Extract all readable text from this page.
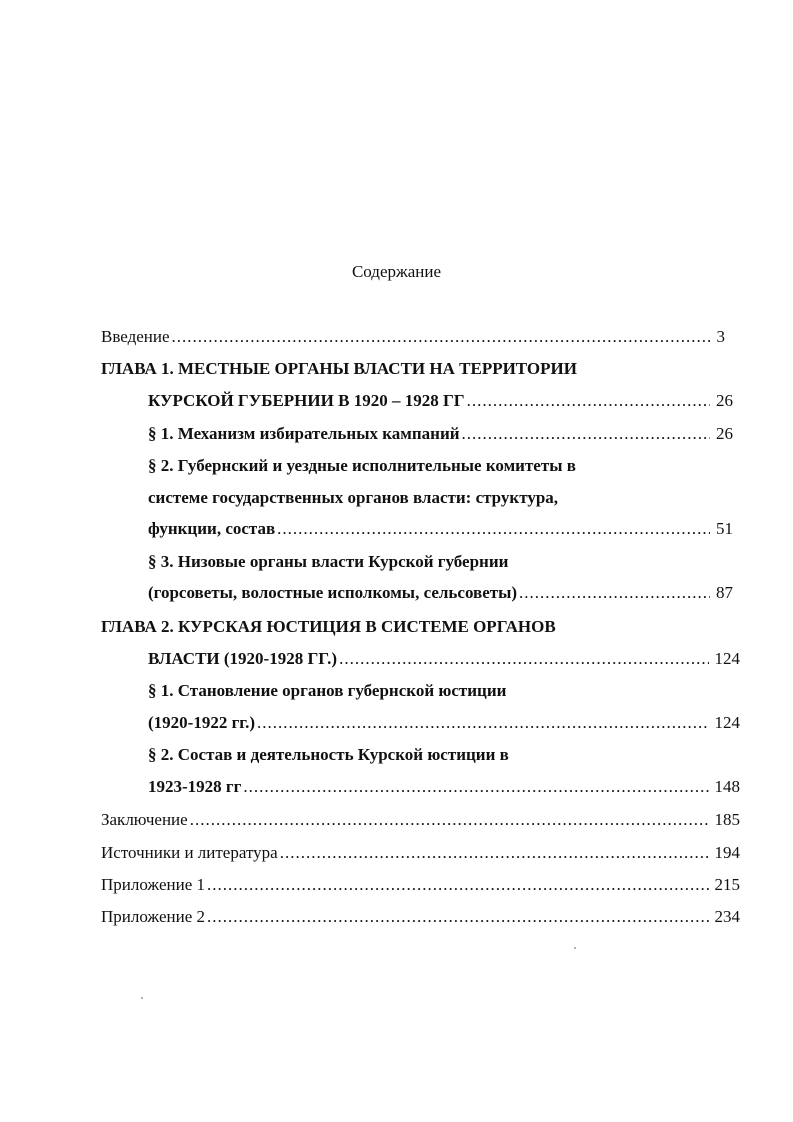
Содержание
Введение .....	3
ГЛАВА 1. МЕСТНЫЕ ОРГАНЫ ВЛАСТИ НА ТЕРРИТОРИИ
КУРСКОЙ ГУБЕРНИИ В 1920 – 1928 ГГ .....	26
§ 1. Механизм избирательных кампаний .....	26
§ 2. Губернский и уездные исполнительные комитеты в
системе государственных органов власти: структура,
функции, состав .....	51
§ 3. Низовые органы власти Курской губернии
(горсоветы, волостные исполкомы, сельсоветы) .....	87
ГЛАВА 2. КУРСКАЯ ЮСТИЦИЯ В СИСТЕМЕ ОРГАНОВ
ВЛАСТИ (1920-1928 ГГ.) .....	124
§ 1. Становление органов губернской юстиции
(1920-1922 гг.) .....	124
§ 2. Состав и деятельность Курской юстиции в
1923-1928 гг .....	148
Заключение .....	185
Источники и литература .....	194
Приложение 1 .....	215
Приложение 2 .....	234
